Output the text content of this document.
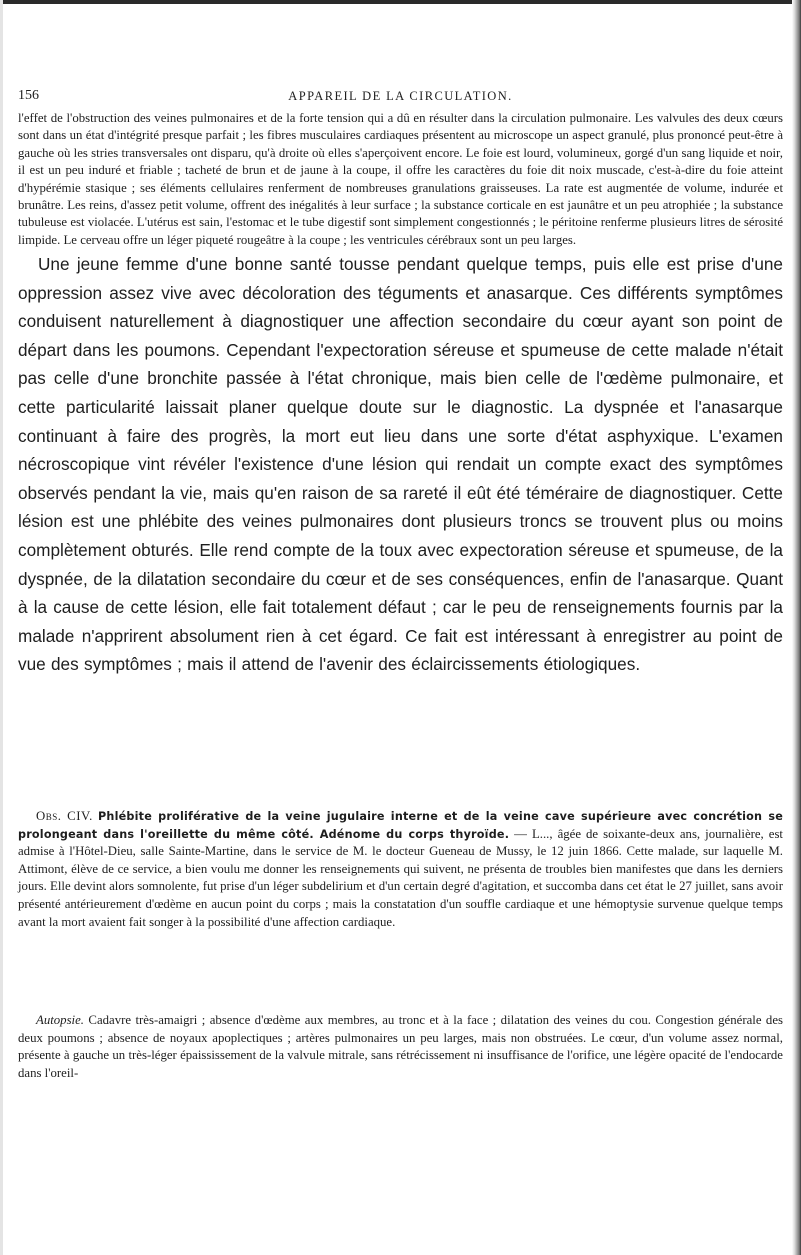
156	APPAREIL DE LA CIRCULATION.

l'effet de l'obstruction des veines pulmonaires et de la forte tension qui a dû en résulter dans la circulation pulmonaire. Les valvules des deux cœurs sont dans un état d'intégrité presque parfait ; les fibres musculaires cardiaques présentent au microscope un aspect granulé, plus prononcé peut-être à gauche où les stries transversales ont disparu, qu'à droite où elles s'aperçoivent encore. Le foie est lourd, volumineux, gorgé d'un sang liquide et noir, il est un peu induré et friable ; tacheté de brun et de jaune à la coupe, il offre les caractères du foie dit noix muscade, c'est-à-dire du foie atteint d'hypérémie stasique ; ses éléments cellulaires renferment de nombreuses granulations graisseuses. La rate est augmentée de volume, indurée et brunâtre. Les reins, d'assez petit volume, offrent des inégalités à leur surface ; la substance corticale en est jaunâtre et un peu atrophiée ; la substance tubuleuse est violacée. L'utérus est sain, l'estomac et le tube digestif sont simplement congestionnés ; le péritoine renferme plusieurs litres de sérosité limpide. Le cerveau offre un léger piqueté rougeâtre à la coupe ; les ventricules cérébraux sont un peu larges.

Une jeune femme d'une bonne santé tousse pendant quelque temps, puis elle est prise d'une oppression assez vive avec décoloration des téguments et anasarque. Ces différents symptômes conduisent naturellement à diagnostiquer une affection secondaire du cœur ayant son point de départ dans les poumons. Cependant l'expectoration séreuse et spumeuse de cette malade n'était pas celle d'une bronchite passée à l'état chronique, mais bien celle de l'œdème pulmonaire, et cette particularité laissait planer quelque doute sur le diagnostic. La dyspnée et l'anasarque continuant à faire des progrès, la mort eut lieu dans une sorte d'état asphyxique. L'examen nécroscopique vint révéler l'existence d'une lésion qui rendait un compte exact des symptômes observés pendant la vie, mais qu'en raison de sa rareté il eût été téméraire de diagnostiquer. Cette lésion est une phlébite des veines pulmonaires dont plusieurs troncs se trouvent plus ou moins complètement obturés. Elle rend compte de la toux avec expectoration séreuse et spumeuse, de la dyspnée, de la dilatation secondaire du cœur et de ses conséquences, enfin de l'anasarque. Quant à la cause de cette lésion, elle fait totalement défaut ; car le peu de renseignements fournis par la malade n'apprirent absolument rien à cet égard. Ce fait est intéressant à enregistrer au point de vue des symptômes ; mais il attend de l'avenir des éclaircissements étiologiques.

Obs. CIV. Phlébite proliférative de la veine jugulaire interne et de la veine cave supérieure avec concrétion se prolongeant dans l'oreillette du même côté. Adénome du corps thyroïde. — L..., âgée de soixante-deux ans, journalière, est admise à l'Hôtel-Dieu, salle Sainte-Martine, dans le service de M. le docteur Gueneau de Mussy, le 12 juin 1866. Cette malade, sur laquelle M. Attimont, élève de ce service, a bien voulu me donner les renseignements qui suivent, ne présenta de troubles bien manifestes que dans les derniers jours. Elle devint alors somnolente, fut prise d'un léger subdelirium et d'un certain degré d'agitation, et succomba dans cet état le 27 juillet, sans avoir présenté antérieurement d'œdème en aucun point du corps ; mais la constatation d'un souffle cardiaque et une hémoptysie survenue quelque temps avant la mort avaient fait songer à la possibilité d'une affection cardiaque.

Autopsie. Cadavre très-amaigri ; absence d'œdème aux membres, au tronc et à la face ; dilatation des veines du cou. Congestion générale des deux poumons ; absence de noyaux apoplectiques ; artères pulmonaires un peu larges, mais non obstruées. Le cœur, d'un volume assez normal, présente à gauche un très-léger épaississement de la valvule mitrale, sans rétrécissement ni insuffisance de l'orifice, une légère opacité de l'endocarde dans l'oreil-
